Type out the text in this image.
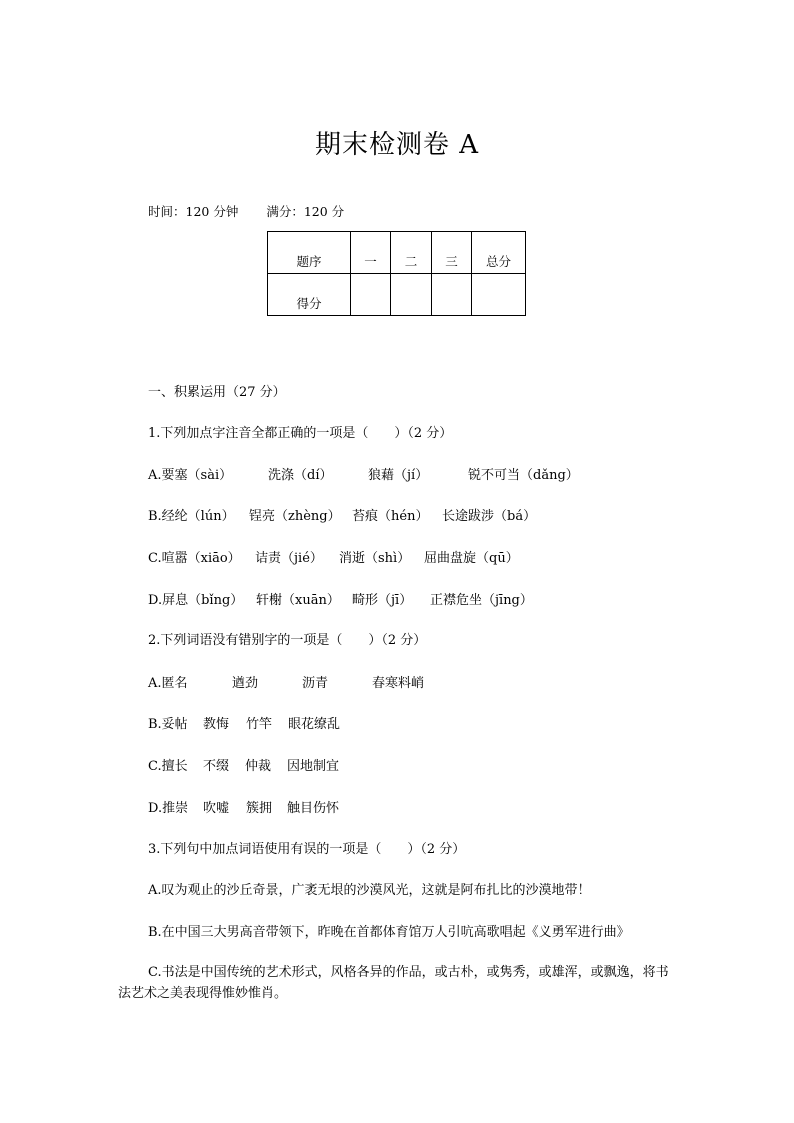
期末检测卷 A
时间：120 分钟 满分：120 分
题序	一	二	三	总分
得分				
一、积累运用（27 分）
1.下列加点字注音全都正确的一项是（　　）（2 分）
A.要塞（sài）	洗涤（dí）	狼藉（jí）	锐不可当（dǎng）
B.经纶（lún） 锃亮（zhèng） 苔痕（hén） 长途跋涉（bá）
C.喧嚣（xiāo） 诘责（jié） 消逝（shì） 屈曲盘旋（qū）
D.屏息（bǐng） 轩榭（xuān） 畸形（jī） 正襟危坐（jīng）
2.下列词语没有错别字的一项是（　　）（2 分）
A.匿名	遒劲	沥青	春寒料峭
B.妥帖 教悔 竹竿 眼花缭乱
C.擅长 不缀 仲裁 因地制宜
D.推崇 吹嘘 簇拥 触目伤怀
3.下列句中加点词语使用有误的一项是（　　）（2 分）
A.叹为观止的沙丘奇景，广袤无垠的沙漠风光，这就是阿布扎比的沙漠地带！
B.在中国三大男高音带领下，昨晚在首都体育馆万人引吭高歌唱起《义勇军进行曲》
C.书法是中国传统的艺术形式，风格各异的作品，或古朴，或隽秀，或雄浑，或飘逸，将书法艺术之美表现得惟妙惟肖。
